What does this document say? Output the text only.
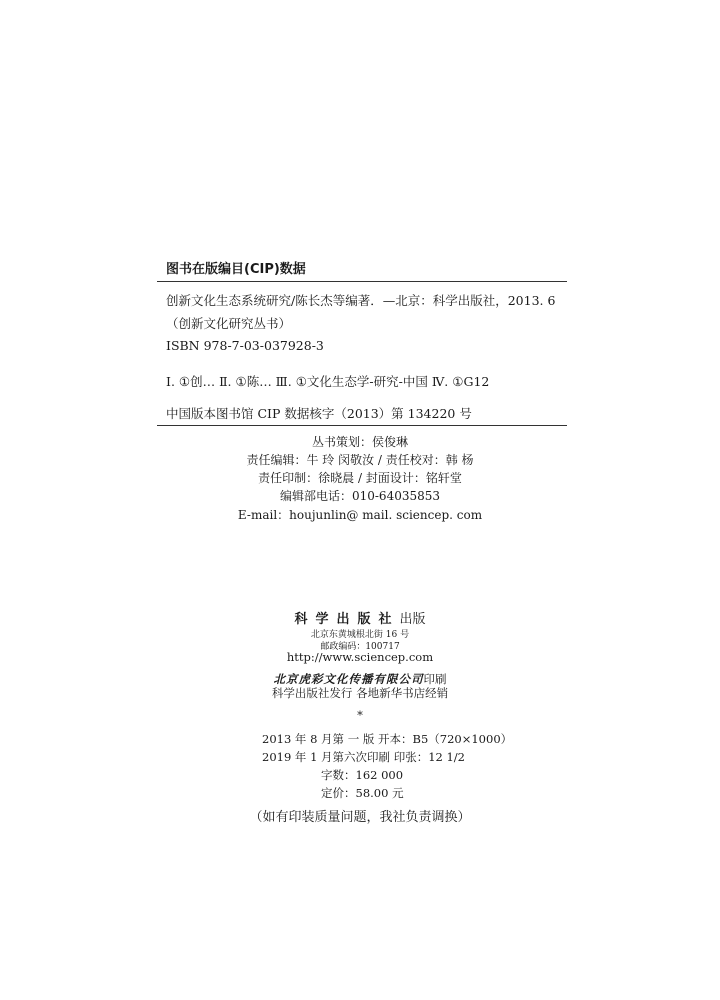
图书在版编目(CIP)数据
创新文化生态系统研究/陈长杰等编著．—北京：科学出版社，2013. 6
（创新文化研究丛书）
ISBN 978-7-03-037928-3
Ⅰ. ①创… Ⅱ. ①陈… Ⅲ. ①文化生态学-研究-中国 Ⅳ. ①G12
中国版本图书馆 CIP 数据核字（2013）第 134220 号
丛书策划：侯俊琳
责任编辑：牛 玲 闵敬汝 / 责任校对：韩 杨
责任印制：徐晓晨 / 封面设计：铭轩堂
编辑部电话：010-64035853
E-mail：houjunlin@ mail. sciencep. com
科学出版社出版
北京东黄城根北街 16 号
邮政编码：100717
http://www.sciencep.com
北京虎彩文化传播有限公司印刷
科学出版社发行 各地新华书店经销
*
2013 年 8 月第 一 版 开本：B5（720×1000）
2019 年 1 月第六次印刷 印张：12 1/2
字数：162 000
定价：58.00 元
（如有印装质量问题，我社负责调换）
